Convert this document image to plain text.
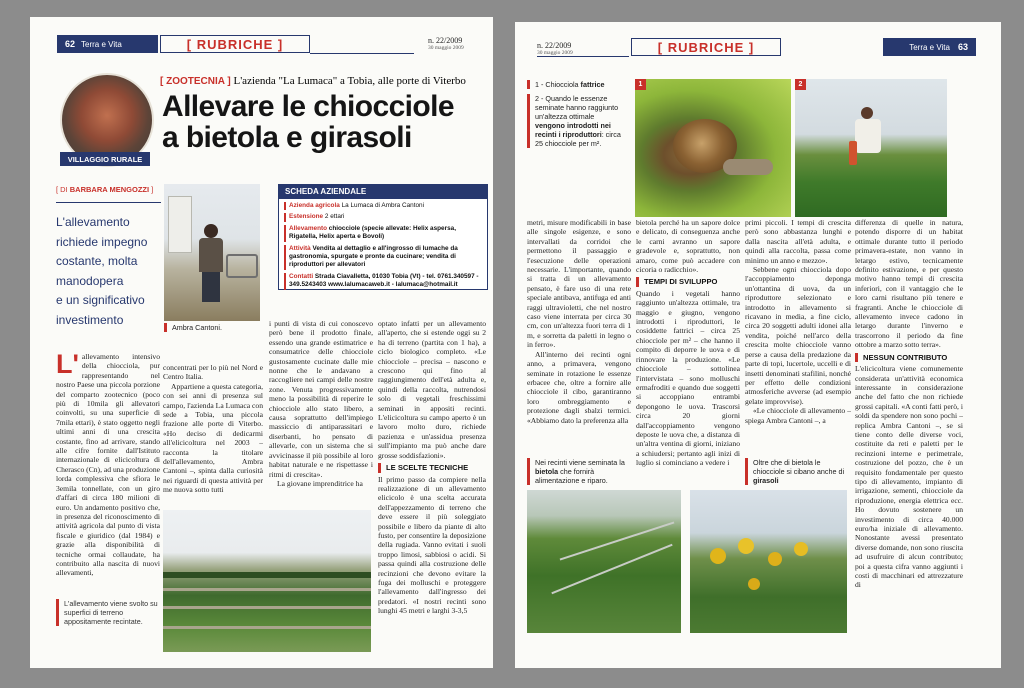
62 Terra e Vita	[ RUBRICHE ]	n. 22/2009
30 maggio 2009
VILLAGGIO RURALE
[ ZOOTECNIA ] L'azienda "La Lumaca" a Tobia, alle porte di Viterbo
Allevare le chiocciole
a bietola e girasoli
[ DI BARBARA MENGOZZI ]
L'allevamento
richiede impegno
costante, molta
manodopera
e un significativo
investimento
Ambra Cantoni.
SCHEDA AZIENDALE
Azienda agricola La Lumaca di Ambra Cantoni
Estensione 2 ettari
Allevamento chiocciole (specie allevate: Helix aspersa, Rigatella, Helix aperta e Bovoli)
Attività Vendita al dettaglio e all'ingrosso di lumache da gastronomia, spurgate e pronte da cucinare; vendita di riproduttori per allevatori
Contatti Strada Ciavalletta, 01030 Tobia (Vt) - tel. 0761.340597 - 349.5243403 www.lalumacaweb.it - lalumaca@hotmail.it
L' allevamento intensivo della chiocciola, pur rappresentando nel nostro Paese una piccola porzione del comparto zootecnico (poco più di 10mila gli allevatori coinvolti, su una superficie di 7mila ettari), è stato oggetto negli ultimi anni di una crescita costante, fino ad arrivare, stando alle cifre fornite dall'Istituto internazionale di elicicoltura di Cherasco (Cn), ad una produzione lorda complessiva che sfiora le 3emila tonnellate, con un giro d'affari di circa 180 milioni di euro. Un andamento positivo che, in presenza del riconoscimento di attività agricola dal punto di vista fiscale e giuridico (dal 1984) e grazie alla disponibilità di tecniche ormai collaudate, ha contribuito alla nascita di nuovi allevamenti,
L'allevamento viene svolto su superfici di terreno appositamente recintate.

concentrati per lo più nel Nord e Centro Italia.

Appartiene a questa categoria, con sei anni di presenza sul campo, l'azienda La Lumaca con sede a Tobia, una piccola frazione alle porte di Viterbo. «Ho deciso di dedicarmi all'elicicoltura nel 2003 – racconta la titolare dell'allevamento, Ambra Cantoni –, spinta dalla curiosità nei riguardi di questa attività per me nuova sotto tutti

i punti di vista di cui conoscevo però bene il prodotto finale, essendo una grande estimatrice e consumatrice delle chiocciole gustosamente cucinate dalle mie nonne che le andavano a raccogliere nei campi delle nostre zone. Venuta progressivamente meno la possibilità di reperire le chiocciole allo stato libero, a causa soprattutto dell'impiego massiccio di antiparassitari e diserbanti, ho pensato di allevarle, con un sistema che si avvicinasse il più possibile al loro habitat naturale e ne rispettasse i ritmi di crescita».

La giovane imprenditrice ha

optato infatti per un allevamento all'aperto, che si estende oggi su 2 ha di terreno (partita con 1 ha), a ciclo biologico completo. «Le chiocciole – precisa – nascono e crescono qui fino al raggiungimento dell'età adulta e, quindi della raccolta, nutrendosi solo di vegetali freschissimi seminati in appositi recinti. L'elicicoltura su campo aperto è un lavoro molto duro, richiede pazienza e un'assidua presenza sull'impianto ma può anche dare grosse soddisfazioni».

LE SCELTE TECNICHE

Il primo passo da compiere nella realizzazione di un allevamento elicicolo è una scelta accurata dell'appezzamento di terreno che deve essere il più soleggiato possibile e libero da piante di alto fusto, per consentire la deposizione della rugiada. Vanno evitati i suoli troppo limosi, sabbiosi o acidi. Si passa quindi alla costruzione delle recinzioni che devono evitare la fuga dei molluschi e proteggere l'allevamento dall'ingresso dei predatori. «I nostri recinti sono lunghi 45 metri e larghi 3-3,5

n. 22/2009
30 maggio 2009	[ RUBRICHE ]	Terra e Vita 63
1 - Chiocciola fattrice
2 - Quando le essenze seminate hanno raggiunto un'altezza ottimale vengono introdotti nei recinti i riproduttori: circa 25 chiocciole per m².
1	2

metri, misure modificabili in base alle singole esigenze, e sono intervallati da corridoi che permettono il passaggio e l'esecuzione delle operazioni necessarie. L'importante, quando si tratta di un allevamento pensato, è fare uso di una rete speciale antibava, antifuga ed anti raggi ultravioletti, che nel nostro caso viene interrata per circa 30 cm, con un'altezza fuori terra di 1 m, e sorretta da paletti in legno o in ferro».

All'interno dei recinti ogni anno, a primavera, vengono seminate in rotazione le essenze erbacee che, oltre a fornire alle chiocciole il cibo, garantiranno loro ombreggiamento e protezione dagli sbalzi termici. «Abbiamo dato la preferenza alla

Nei recinti viene seminata la bietola che fornirà alimentazione e riparo.

bietola perché ha un sapore dolce e delicato, di conseguenza anche le carni avranno un sapore gradevole e, soprattutto, non amaro, come può accadere con cicoria o radicchio».

TEMPI DI SVILUPPO

Quando i vegetali hanno raggiunto un'altezza ottimale, tra maggio e giugno, vengono introdotti i riproduttori, le cosiddette fattrici – circa 25 chiocciole per m² – che hanno il compito di deporre le uova e di rinnovare la produzione. «Le chiocciole – sottolinea l'intervistata – sono molluschi ermafroditi e quando due soggetti si accoppiano entrambi depongono le uova. Trascorsi circa 20 giorni dall'accoppiamento vengono deposte le uova che, a distanza di un'altra ventina di giorni, iniziano a schiudersi; pertanto agli inizi di luglio si cominciano a vedere i

primi piccoli. I tempi di crescita però sono abbastanza lunghi e dalla nascita all'età adulta, e quindi alla raccolta, passa come minimo un anno e mezzo».

Sebbene ogni chiocciola dopo l'accoppiamento deponga un'ottantina di uova, da un riproduttore selezionato e introdotto in allevamento si ricavano in media, a fine ciclo, circa 20 soggetti adulti idonei alla vendita, poiché nell'arco della crescita molte chiocciole vanno perse a causa della predazione da parte di topi, lucertole, uccelli e di insetti denominati stafilini, nonché per effetto delle condizioni atmosferiche avverse (ad esempio gelate improvvise).

«Le chiocciole di allevamento – spiega Ambra Cantoni –, a

Oltre che di bietola le chiocciole si cibano anche di girasoli

differenza di quelle in natura, potendo disporre di un habitat ottimale durante tutto il periodo primavera-estate, non vanno in letargo estivo, tecnicamente definito estivazione, e per questo motivo hanno tempi di crescita inferiori, con il vantaggio che le loro carni risultano più tenere e fragranti. Anche le chiocciole di allevamento invece cadono in letargo durante l'inverno e trascorrono il periodo da fine ottobre a marzo sotto terra».

NESSUN CONTRIBUTO

L'elicicoltura viene comunemente considerata un'attività economica interessante in considerazione anche del fatto che non richiede grossi capitali. «A conti fatti però, i soldi da spendere non sono pochi – replica Ambra Cantoni –, se si tiene conto delle diverse voci, costituite da reti e paletti per le recinzioni interne e perimetrale, costruzione del pozzo, che è un requisito fondamentale per questo tipo di allevamento, impianto di irrigazione, sementi, chiocciole da riproduzione, energia elettrica ecc. Ho dovuto sostenere un investimento di circa 40.000 euro/ha iniziale di allevamento. Nonostante avessi presentato diverse domande, non sono riuscita ad usufruire di alcun contributo; poi a questa cifra vanno aggiunti i costi di macchinari ed attrezzature di
